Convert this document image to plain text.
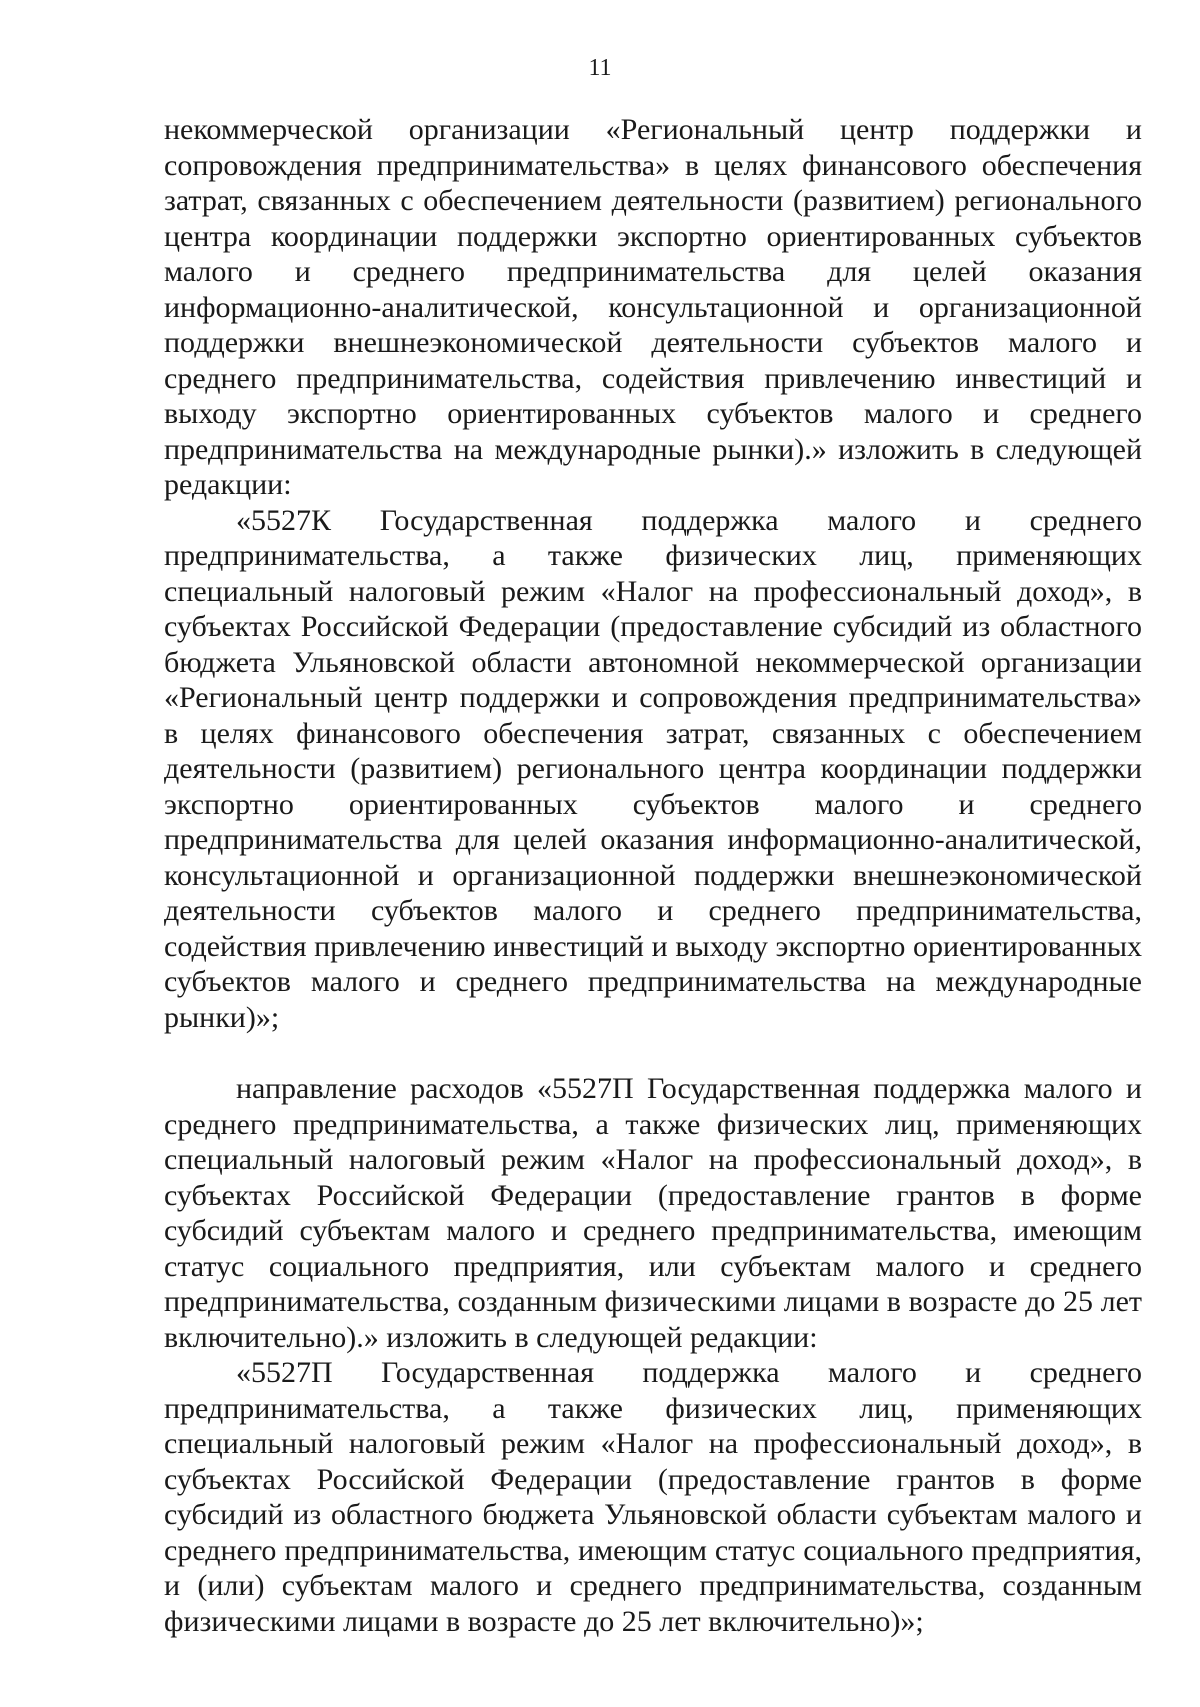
11

некоммерческой организации «Региональный центр поддержки и сопровождения предпринимательства» в целях финансового обеспечения затрат, связанных с обеспечением деятельности (развитием) регионального центра координации поддержки экспортно ориентированных субъектов малого и среднего предпринимательства для целей оказания информационно-аналитической, консультационной и организационной поддержки внешнеэкономической деятельности субъектов малого и среднего предпринимательства, содействия привлечению инвестиций и выходу экспортно ориентированных субъектов малого и среднего предпринимательства на международные рынки).» изложить в следующей редакции:

«5527К Государственная поддержка малого и среднего предпринимательства, а также физических лиц, применяющих специальный налоговый режим «Налог на профессиональный доход», в субъектах Российской Федерации (предоставление субсидий из областного бюджета Ульяновской области автономной некоммерческой организации «Региональный центр поддержки и сопровождения предпринимательства» в целях финансового обеспечения затрат, связанных с обеспечением деятельности (развитием) регионального центра координации поддержки экспортно ориентированных субъектов малого и среднего предпринимательства для целей оказания информационно-аналитической, консультационной и организационной поддержки внешнеэкономической деятельности субъектов малого и среднего предпринимательства, содействия привлечению инвестиций и выходу экспортно ориентированных субъектов малого и среднего предпринимательства на международные рынки)»;

направление расходов «5527П Государственная поддержка малого и среднего предпринимательства, а также физических лиц, применяющих специальный налоговый режим «Налог на профессиональный доход», в субъектах Российской Федерации (предоставление грантов в форме субсидий субъектам малого и среднего предпринимательства, имеющим статус социального предприятия, или субъектам малого и среднего предпринимательства, созданным физическими лицами в возрасте до 25 лет включительно).» изложить в следующей редакции:

«5527П Государственная поддержка малого и среднего предпринимательства, а также физических лиц, применяющих специальный налоговый режим «Налог на профессиональный доход», в субъектах Российской Федерации (предоставление грантов в форме субсидий из областного бюджета Ульяновской области субъектам малого и среднего предпринимательства, имеющим статус социального предприятия, и (или) субъектам малого и среднего предпринимательства, созданным физическими лицами в возрасте до 25 лет включительно)»;
